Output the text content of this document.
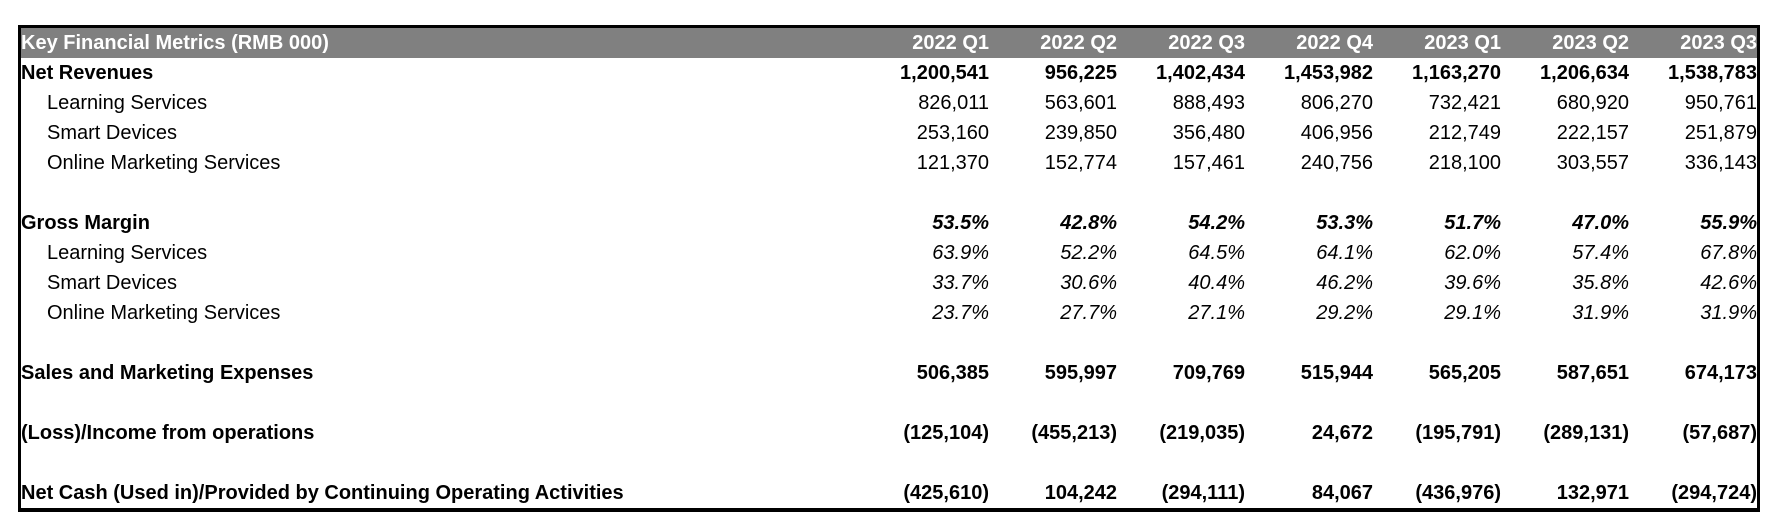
Key Financial Metrics (RMB 000)	2022 Q1	2022 Q2	2022 Q3	2022 Q4	2023 Q1	2023 Q2	2023 Q3
Net Revenues	1,200,541	956,225	1,402,434	1,453,982	1,163,270	1,206,634	1,538,783
Learning Services	826,011	563,601	888,493	806,270	732,421	680,920	950,761
Smart Devices	253,160	239,850	356,480	406,956	212,749	222,157	251,879
Online Marketing Services	121,370	152,774	157,461	240,756	218,100	303,557	336,143

Gross Margin	53.5%	42.8%	54.2%	53.3%	51.7%	47.0%	55.9%
Learning Services	63.9%	52.2%	64.5%	64.1%	62.0%	57.4%	67.8%
Smart Devices	33.7%	30.6%	40.4%	46.2%	39.6%	35.8%	42.6%
Online Marketing Services	23.7%	27.7%	27.1%	29.2%	29.1%	31.9%	31.9%

Sales and Marketing Expenses	506,385	595,997	709,769	515,944	565,205	587,651	674,173

(Loss)/Income from operations	(125,104)	(455,213)	(219,035)	24,672	(195,791)	(289,131)	(57,687)

Net Cash (Used in)/Provided by Continuing Operating Activities	(425,610)	104,242	(294,111)	84,067	(436,976)	132,971	(294,724)
